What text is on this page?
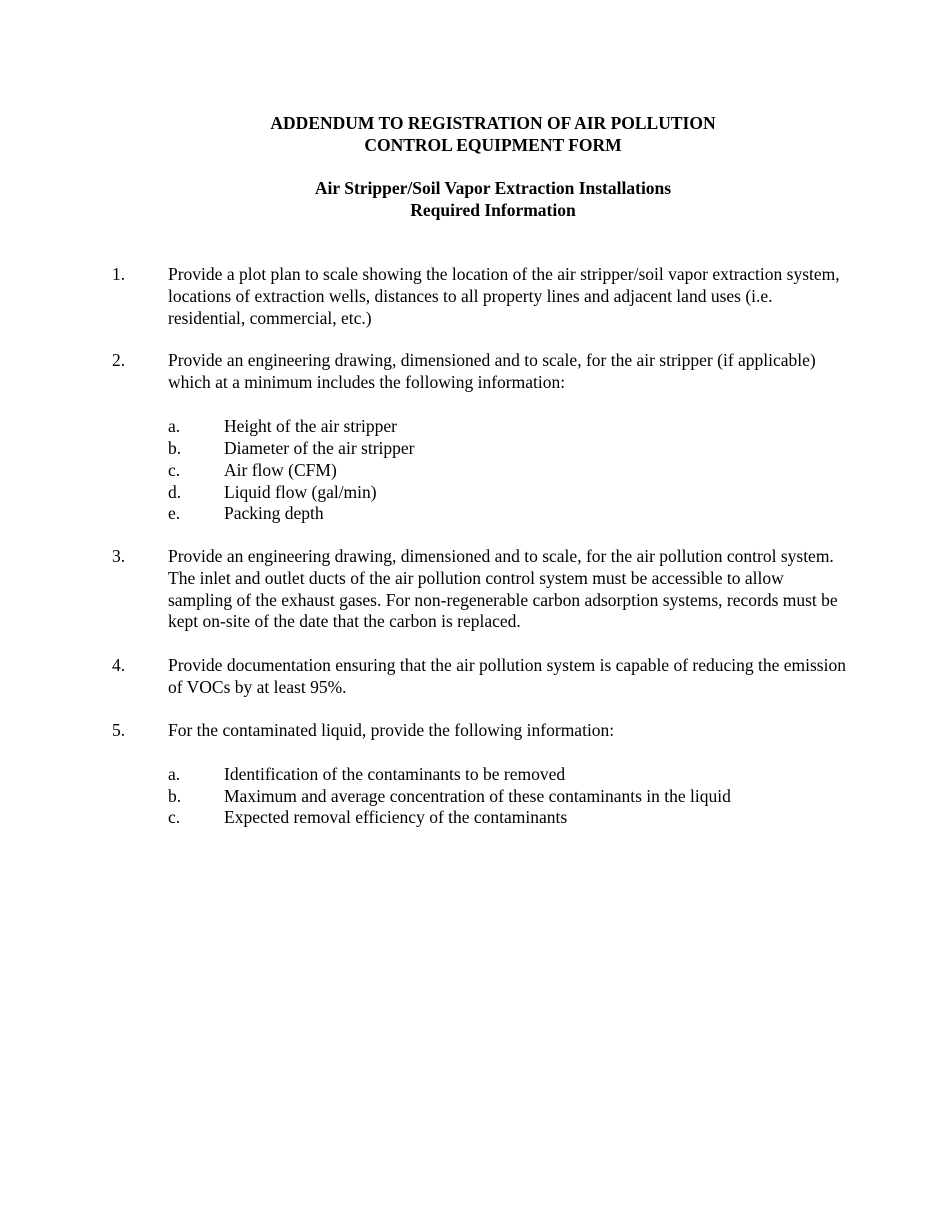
ADDENDUM TO REGISTRATION OF AIR POLLUTION
CONTROL EQUIPMENT FORM
Air Stripper/Soil Vapor Extraction Installations
Required Information
1. Provide a plot plan to scale showing the location of the air stripper/soil vapor extraction system,
locations of extraction wells, distances to all property lines and adjacent land uses (i.e.
residential, commercial, etc.)
2. Provide an engineering drawing, dimensioned and to scale, for the air stripper (if applicable)
which at a minimum includes the following information:
a.	Height of the air stripper
b. Diameter of the air stripper
c.	Air flow (CFM)
d. Liquid flow (gal/min)
e.	Packing depth
3. Provide an engineering drawing, dimensioned and to scale, for the air pollution control system.
The inlet and outlet ducts of the air pollution control system must be accessible to allow
sampling of the exhaust gases. For non-regenerable carbon adsorption systems, records must be
kept on-site of the date that the carbon is replaced.
4. Provide documentation ensuring that the air pollution system is capable of reducing the emission
of VOCs by at least 95%.
5. For the contaminated liquid, provide the following information:
a.	Identification of the contaminants to be removed
b. Maximum and average concentration of these contaminants in the liquid
c.	Expected removal efficiency of the contaminants
